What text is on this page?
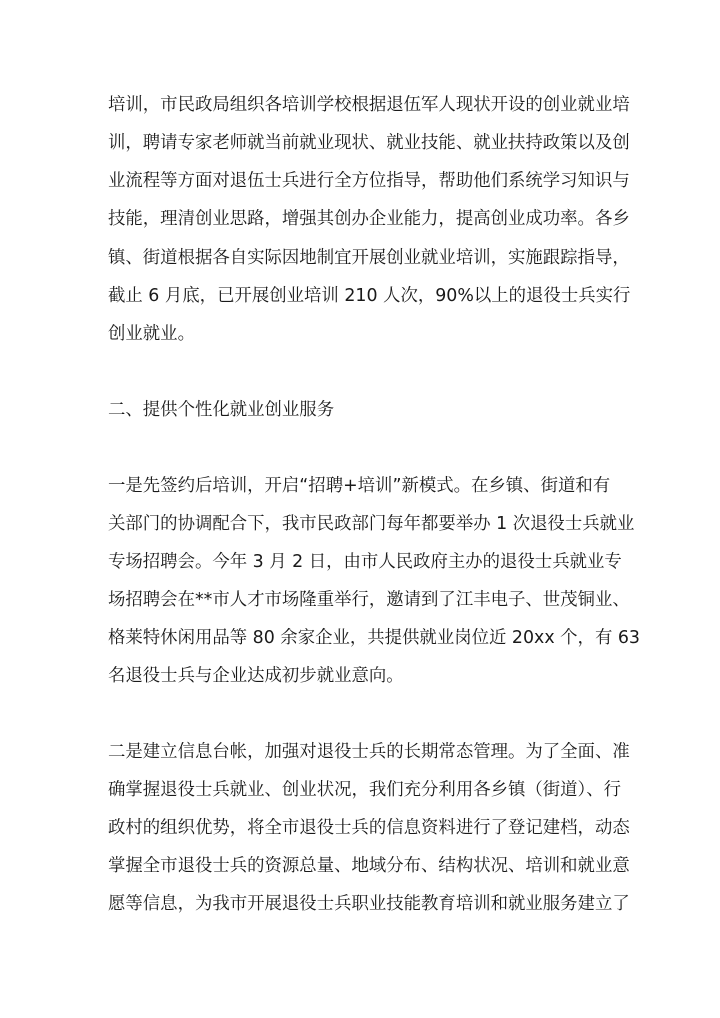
培训，市民政局组织各培训学校根据退伍军人现状开设的创业就业培
训，聘请专家老师就当前就业现状、就业技能、就业扶持政策以及创
业流程等方面对退伍士兵进行全方位指导，帮助他们系统学习知识与
技能，理清创业思路，增强其创办企业能力，提高创业成功率。各乡
镇、街道根据各自实际因地制宜开展创业就业培训，实施跟踪指导，
截止 6 月底，已开展创业培训 210 人次，90%以上的退役士兵实行
创业就业。
二、提供个性化就业创业服务
一是先签约后培训，开启“招聘+培训”新模式。在乡镇、街道和有
关部门的协调配合下，我市民政部门每年都要举办 1 次退役士兵就业
专场招聘会。今年 3 月 2 日，由市人民政府主办的退役士兵就业专
场招聘会在**市人才市场隆重举行，邀请到了江丰电子、世茂铜业、
格莱特休闲用品等 80 余家企业，共提供就业岗位近 20xx 个，有 63
名退役士兵与企业达成初步就业意向。
二是建立信息台帐，加强对退役士兵的长期常态管理。为了全面、准
确掌握退役士兵就业、创业状况，我们充分利用各乡镇（街道）、行
政村的组织优势，将全市退役士兵的信息资料进行了登记建档，动态
掌握全市退役士兵的资源总量、地域分布、结构状况、培训和就业意
愿等信息，为我市开展退役士兵职业技能教育培训和就业服务建立了
